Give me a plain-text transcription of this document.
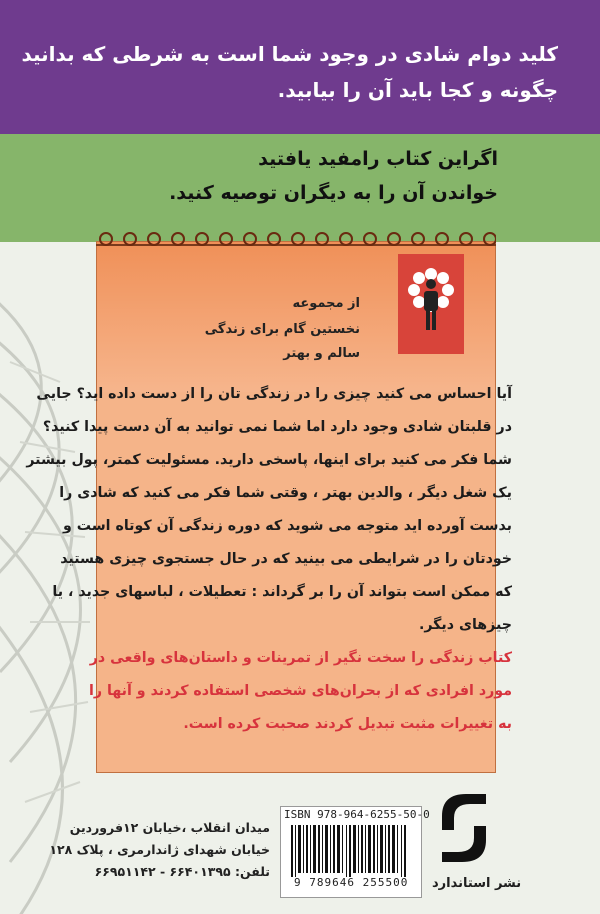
کلید دوام شادی در وجود شما است به شرطی که بدانید

چگونه و کجا باید آن را بیابید.

اگراین کتاب رامفید یافتید

خواندن آن را به دیگران توصیه کنید.

از مجموعه
نخستین گام برای زندگی
سالم و بهتر
آیا احساس می کنید چیزی را در زندگی تان را از دست داده اید؟ جایی
در قلبتان شادی وجود دارد اما شما نمی توانید به آن دست پیدا کنید؟
شما فکر می کنید برای اینها، پاسخی دارید. مسئولیت کمتر، پول بیشتر
یک شغل دیگر ، والدین بهتر ، وقتی شما فکر می کنید که شادی را
بدست آورده اید متوجه می شوید که دوره زندگی آن کوتاه است و
خودتان را در شرایطی می بینید که در حال جستجوی چیزی هستید
که ممکن است بتواند آن را بر گرداند : تعطیلات ، لباسهای جدید ، یا
چیزهای دیگر.
کتاب زندگی را سخت نگیر از تمرینات و داستان‌های واقعی در
مورد افرادی که از بحران‌های شخصی استفاده کردند و آنها را
به تغییرات مثبت تبدیل کردند صحبت کرده است.
ISBN 978-964-6255-50-0
9 789646 255500
میدان انقلاب ،خیابان ۱۲فروردین
خیابان شهدای ژاندارمری ، پلاک ۱۲۸
تلفن: ۶۶۴۰۱۳۹۵ - ۶۶۹۵۱۱۴۲
نشر استاندارد
